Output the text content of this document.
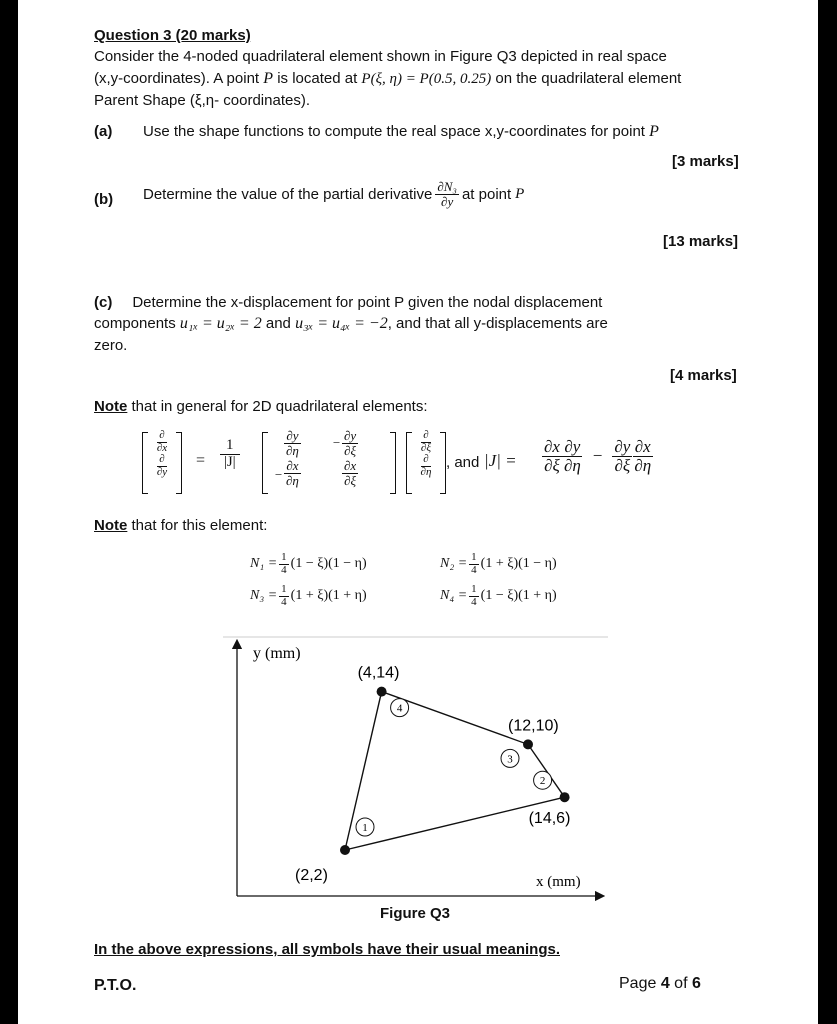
Question 3 (20 marks)
Consider the 4-noded quadrilateral element shown in Figure Q3 depicted in real space
(x,y-coordinates). A point P is located at P(ξ, η) = P(0.5, 0.25) on the quadrilateral element
Parent Shape (ξ,η- coordinates).
(a) Use the shape functions to compute the real space x,y-coordinates for point P
[3 marks]
(b) Determine the value of the partial derivative $\frac{\text{∂N₃}}{\partial y}$ at point P
[13 marks]
(c) Determine the x-displacement for point P given the nodal displacement
components u₁ₓ = u₂ₓ = 2 and u₃ₓ = u₄ₓ = −2, and that all y-displacements are
zero.
[4 marks]
Note that in general for 2D quadrilateral elements:
∂
∂x
∂
∂y
= $\frac{1}{|J|}$	$\frac{\partial y}{\partial\eta} - \frac{\partial y}{\partial\xi}$
− $\frac{\partial x}{\partial\eta}$	$\frac{\partial x}{\partial\xi}$
∂
∂ξ
∂
∂η
, and $|J| = \frac{\partial x}{\partial\xi} \frac{\partial y}{\partial\eta} - \frac{\partial y}{\partial\xi} \frac{\partial x}{\partial\eta}$
Note that for this element:
$N_1 = \frac{1}{4} (1 - \xi)(1 - \eta)$	$N_2 = \frac{1}{4} (1 + \xi)(1 - \eta)$
$N_3 = \frac{1}{4} (1 + \xi)(1 + \eta)$	$N_4 = \frac{1}{4} (1 - \xi)(1 + \eta)$
y (mm)
x (mm)
1
(2,2)
2
(14,6)
3
(12,10)
4
(4,14)
Figure Q3
In the above expressions, all symbols have their usual meanings.
P.T.O.	Page 4 of 6
